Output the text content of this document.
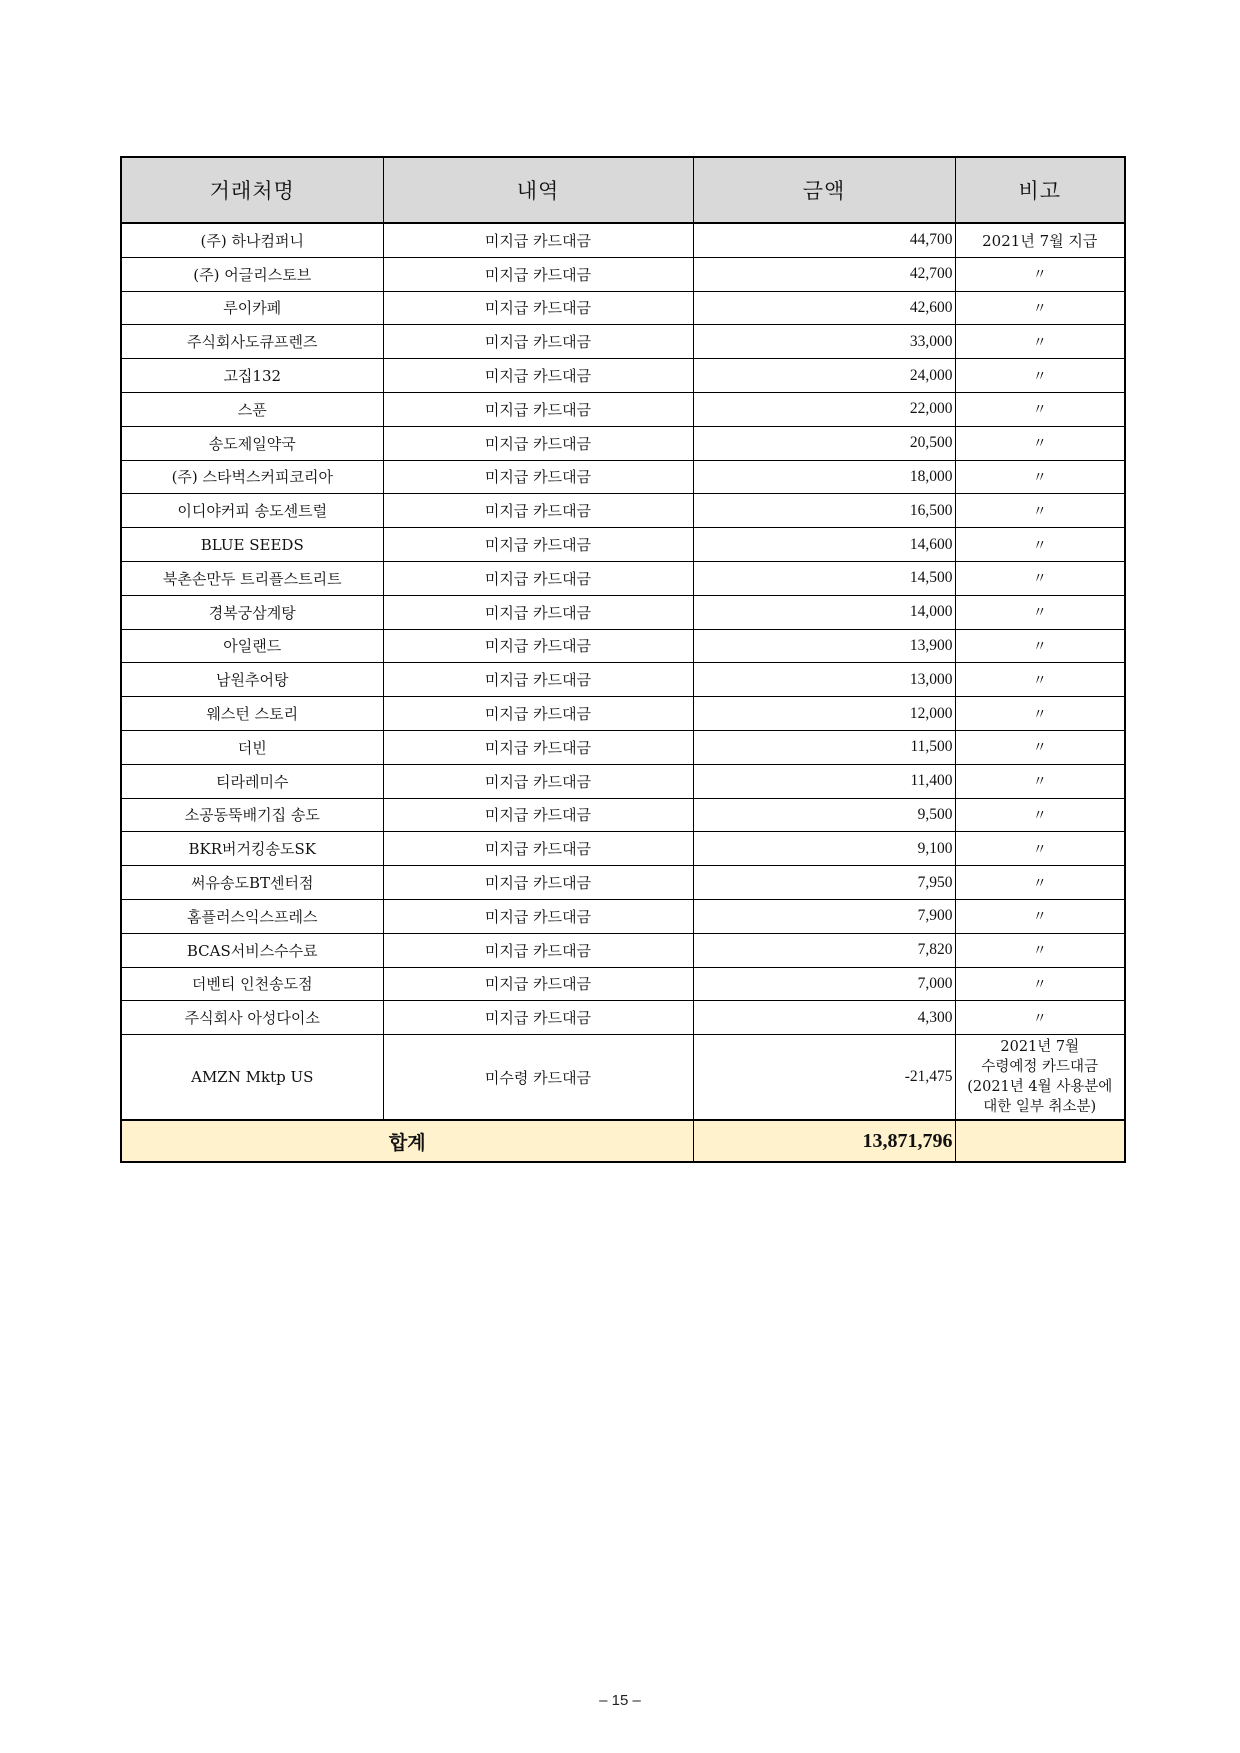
거래처명	내역	금액	비고
(주) 하나컴퍼니	미지급 카드대금	44,700	2021년 7월 지급
(주) 어글리스토브	미지급 카드대금	42,700	〃
루이카페	미지급 카드대금	42,600	〃
주식회사도큐프렌즈	미지급 카드대금	33,000	〃
고집132	미지급 카드대금	24,000	〃
스푼	미지급 카드대금	22,000	〃
송도제일약국	미지급 카드대금	20,500	〃
(주) 스타벅스커피코리아	미지급 카드대금	18,000	〃
이디야커피 송도센트럴	미지급 카드대금	16,500	〃
BLUE SEEDS	미지급 카드대금	14,600	〃
북촌손만두 트리플스트리트	미지급 카드대금	14,500	〃
경복궁삼계탕	미지급 카드대금	14,000	〃
아일랜드	미지급 카드대금	13,900	〃
남원추어탕	미지급 카드대금	13,000	〃
웨스턴 스토리	미지급 카드대금	12,000	〃
더빈	미지급 카드대금	11,500	〃
티라레미수	미지급 카드대금	11,400	〃
소공동뚝배기집 송도	미지급 카드대금	9,500	〃
BKR버거킹송도SK	미지급 카드대금	9,100	〃
써유송도BT센터점	미지급 카드대금	7,950	〃
홈플러스익스프레스	미지급 카드대금	7,900	〃
BCAS서비스수수료	미지급 카드대금	7,820	〃
더벤티 인천송도점	미지급 카드대금	7,000	〃
주식회사 아성다이소	미지급 카드대금	4,300	〃
AMZN Mktp US	미수령 카드대금	-21,475	2021년 7월
수령예정 카드대금
(2021년 4월 사용분에
대한 일부 취소분)

합계		13,871,796	
– 15 –
